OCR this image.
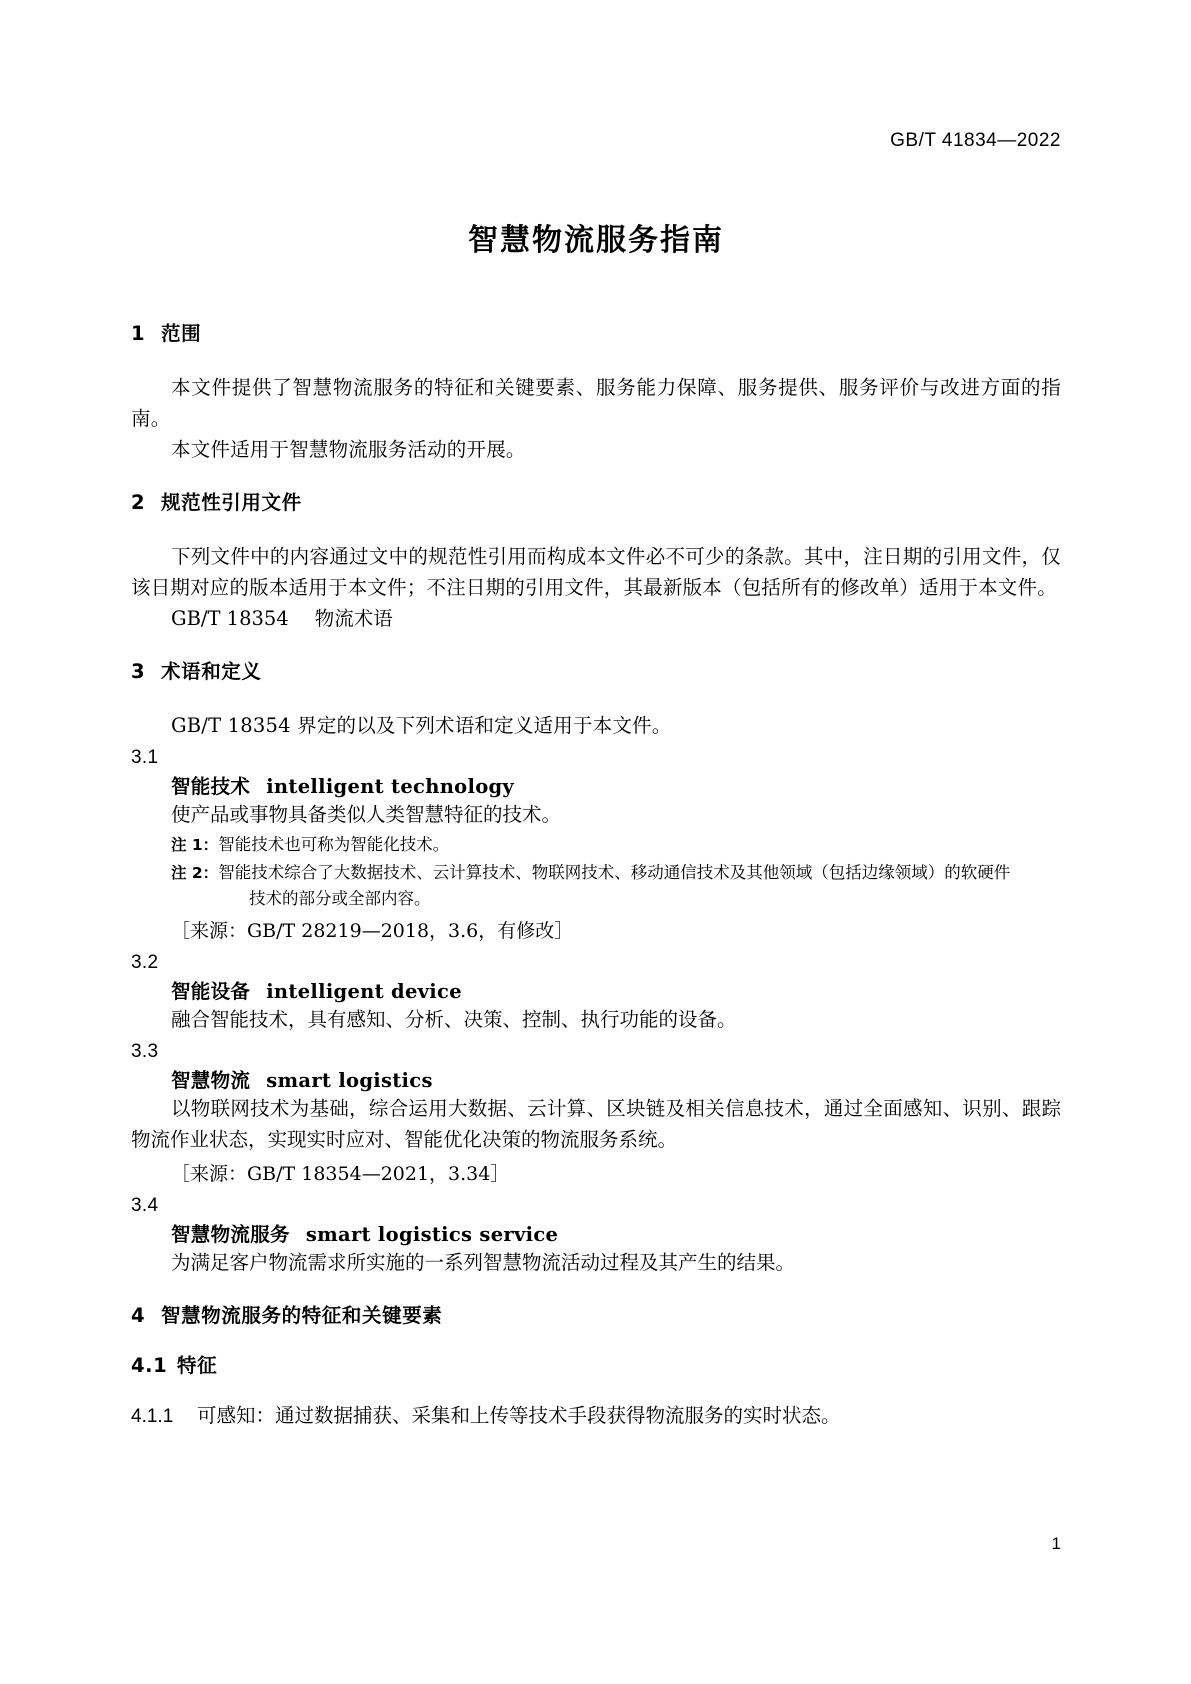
GB/T 41834—2022
智慧物流服务指南
1 范围

本文件提供了智慧物流服务的特征和关键要素、服务能力保障、服务提供、服务评价与改进方面的指南。

本文件适用于智慧物流服务活动的开展。

2 规范性引用文件

下列文件中的内容通过文中的规范性引用而构成本文件必不可少的条款。其中，注日期的引用文件，仅该日期对应的版本适用于本文件；不注日期的引用文件，其最新版本（包括所有的修改单）适用于本文件。

GB/T 18354 物流术语

3 术语和定义

GB/T 18354 界定的以及下列术语和定义适用于本文件。

3.1

智能技术 intelligent technology

使产品或事物具备类似人类智慧特征的技术。

注 1：智能技术也可称为智能化技术。

注 2：智能技术综合了大数据技术、云计算技术、物联网技术、移动通信技术及其他领域（包括边缘领域）的软硬件

技术的部分或全部内容。

［来源：GB/T 28219—2018，3.6，有修改］

3.2

智能设备 intelligent device

融合智能技术，具有感知、分析、决策、控制、执行功能的设备。

3.3

智慧物流 smart logistics

以物联网技术为基础，综合运用大数据、云计算、区块链及相关信息技术，通过全面感知、识别、跟踪物流作业状态，实现实时应对、智能优化决策的物流服务系统。

［来源：GB/T 18354—2021，3.34］

3.4

智慧物流服务 smart logistics service

为满足客户物流需求所实施的一系列智慧物流活动过程及其产生的结果。

4 智慧物流服务的特征和关键要素

4.1 特征

4.1.1 可感知：通过数据捕获、采集和上传等技术手段获得物流服务的实时状态。

1
